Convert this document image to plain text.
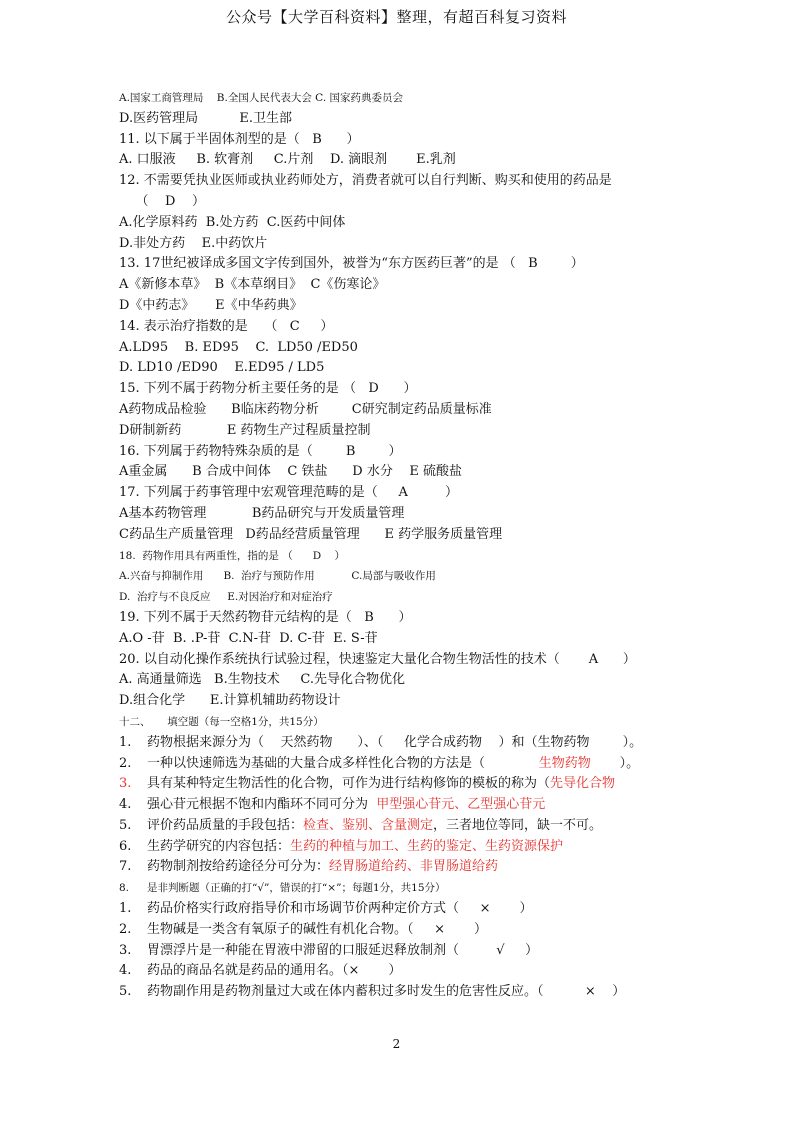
公众号【大学百科资料】整理，有超百科复习资料
A.国家工商管理局    B.全国人民代表大会 C. 国家药典委员会
D.医药管理局          E.卫生部
11. 以下属于半固体剂型的是（   B      ）
A. 口服液     B. 软膏剂     C.片剂    D. 滴眼剂       E.乳剂
12. 不需要凭执业医师或执业药师处方，消费者就可以自行判断、购买和使用的药品是
（    D    ）
A.化学原料药  B.处方药  C.医药中间体
D.非处方药    E.中药饮片
13. 17世纪被译成多国文字传到国外，被誉为“东方医药巨著”的是 （   B        ）
A《新修本草》  B《本草纲目》  C《伤寒论》
D《中药志》     E《中华药典》
14. 表示治疗指数的是    （   C     ）
A.LD95    B. ED95    C.  LD50 /ED50
D. LD10 /ED90    E.ED95 / LD5
15. 下列不属于药物分析主要任务的是 （   D      ）
A药物成品检验      B临床药物分析        C研究制定药品质量标准
D研制新药           E 药物生产过程质量控制
16. 下列属于药物特殊杂质的是（        B        ）
A重金属      B 合成中间体    C 铁盐      D 水分    E 硫酸盐
17. 下列属于药事管理中宏观管理范畴的是（     A         ）
A基本药物管理           B药品研究与开发质量管理
C药品生产质量管理   D药品经营质量管理      E 药学服务质量管理
18.  药物作用具有两重性，指的是 （      D    ）
A.兴奋与抑制作用      B.  治疗与预防作用           C.局部与吸收作用
D.  治疗与不良反应     E.对因治疗和对症治疗
19. 下列不属于天然药物苷元结构的是（   B      ）
A.O -苷  B. .P-苷  C.N-苷  D. C-苷  E. S-苷
20. 以自动化操作系统执行试验过程，快速鉴定大量化合物生物活性的技术（       A      ）
A. 高通量筛选   B.生物技术     C.先导化合物优化
D.组合化学      E.计算机辅助药物设计
十二、     填空题（每一空格1分，共15分）
1. 药物根据来源分为（    天然药物      ）、（     化学合成药物    ）和（生物药物        ）。
2. 一种以快速筛选为基础的大量合成多样性化合物的方法是（             生物药物       ）。
3. 具有某种特定生物活性的化合物，可作为进行结构修饰的模板的称为（先导化合物
4. 强心苷元根据不饱和内酯环不同可分为  甲型强心苷元、乙型强心苷元
5. 评价药品质量的手段包括：检查、鉴别、含量测定，三者地位等同，缺一不可。
6. 生药学研究的内容包括：生药的种植与加工、生药的鉴定、生药资源保护
7. 药物制剂按给药途径分可分为：经胃肠道给药、非胃肠道给药
8. 是非判断题（正确的打“√”，错误的打“×”；每题1分，共15分）
1. 药品价格实行政府指导价和市场调节价两种定价方式（     ×       ）
2. 生物碱是一类含有氧原子的碱性有机化合物。（     ×       ）
3. 胃漂浮片是一种能在胃液中滞留的口服延迟释放制剂（         √     ）
4. 药品的商品名就是药品的通用名。（×       ）
5. 药物副作用是药物剂量过大或在体内蓄积过多时发生的危害性反应。（          ×    ）
2
